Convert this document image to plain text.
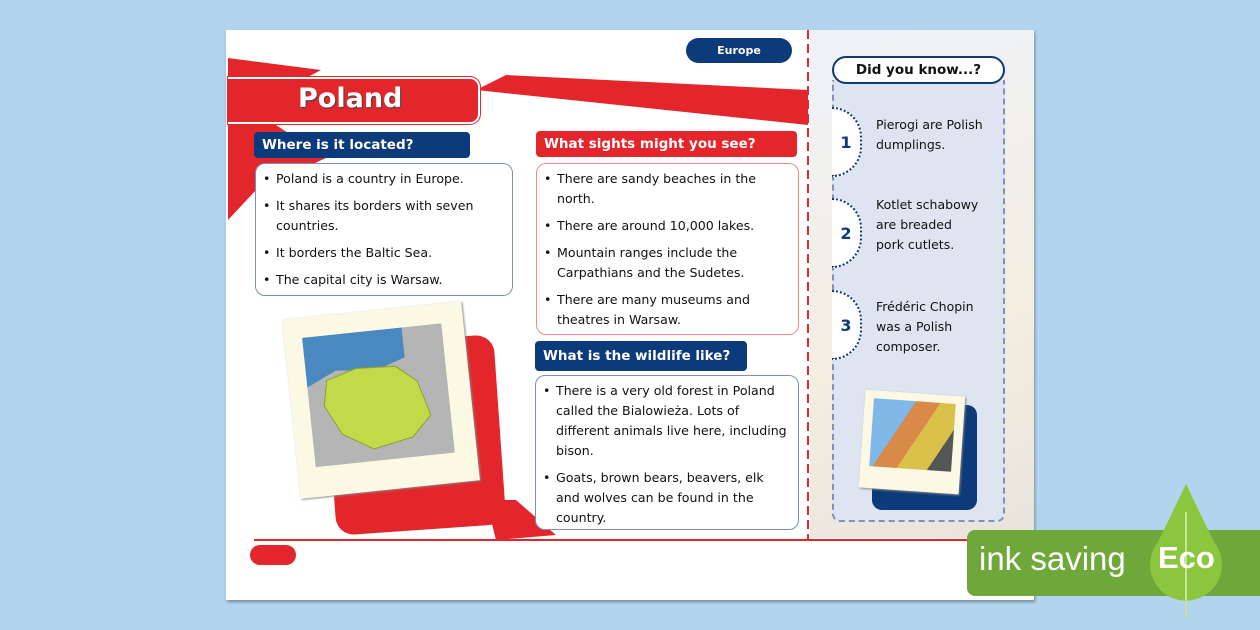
Europe
Poland
Where is it located?
• Poland is a country in Europe.
• It shares its borders with seven countries.
• It borders the Baltic Sea.
• The capital city is Warsaw.
What sights might you see?
• There are sandy beaches in the north.
• There are around 10,000 lakes.
• Mountain ranges include the Carpathians and the Sudetes.
• There are many museums and theatres in Warsaw.
What is the wildlife like?
• There is a very old forest in Poland called the Bialowieża. Lots of different animals live here, including bison.
• Goats, brown bears, beavers, elk and wolves can be found in the country.
Did you know...?
1
Pierogi are Polish dumplings.
2
Kotlet schabowy are breaded pork cutlets.
3
Frédéric Chopin was a Polish composer.
ink saving Eco
